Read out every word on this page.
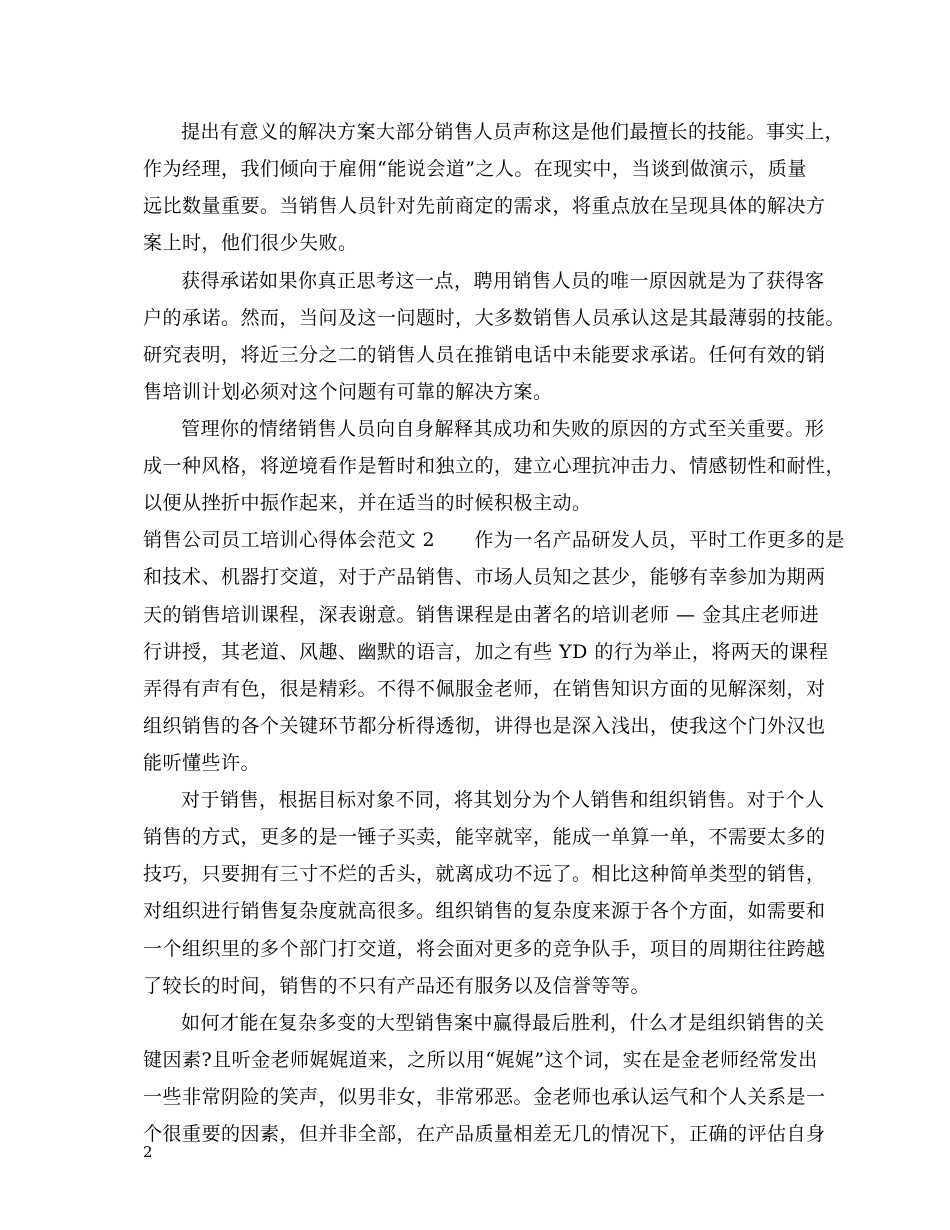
提出有意义的解决方案大部分销售人员声称这是他们最擅长的技能。事实上，
作为经理，我们倾向于雇佣“能说会道”之人。在现实中，当谈到做演示，质量
远比数量重要。当销售人员针对先前商定的需求，将重点放在呈现具体的解决方
案上时，他们很少失败。
获得承诺如果你真正思考这一点，聘用销售人员的唯一原因就是为了获得客
户的承诺。然而，当问及这一问题时，大多数销售人员承认这是其最薄弱的技能。
研究表明，将近三分之二的销售人员在推销电话中未能要求承诺。任何有效的销
售培训计划必须对这个问题有可靠的解决方案。
管理你的情绪销售人员向自身解释其成功和失败的原因的方式至关重要。形
成一种风格，将逆境看作是暂时和独立的，建立心理抗冲击力、情感韧性和耐性，
以便从挫折中振作起来，并在适当的时候积极主动。
销售公司员工培训心得体会范文 2      作为一名产品研发人员，平时工作更多的是
和技术、机器打交道，对于产品销售、市场人员知之甚少，能够有幸参加为期两
天的销售培训课程，深表谢意。销售课程是由著名的培训老师 — 金其庄老师进
行讲授，其老道、风趣、幽默的语言，加之有些 YD 的行为举止，将两天的课程
弄得有声有色，很是精彩。不得不佩服金老师，在销售知识方面的见解深刻，对
组织销售的各个关键环节都分析得透彻，讲得也是深入浅出，使我这个门外汉也
能听懂些许。
对于销售，根据目标对象不同，将其划分为个人销售和组织销售。对于个人
销售的方式，更多的是一锤子买卖，能宰就宰，能成一单算一单，不需要太多的
技巧，只要拥有三寸不烂的舌头，就离成功不远了。相比这种简单类型的销售，
对组织进行销售复杂度就高很多。组织销售的复杂度来源于各个方面，如需要和
一个组织里的多个部门打交道，将会面对更多的竞争队手，项目的周期往往跨越
了较长的时间，销售的不只有产品还有服务以及信誉等等。
如何才能在复杂多变的大型销售案中赢得最后胜利，什么才是组织销售的关
键因素?且听金老师娓娓道来，之所以用“娓娓”这个词，实在是金老师经常发出
一些非常阴险的笑声，似男非女，非常邪恶。金老师也承认运气和个人关系是一
个很重要的因素，但并非全部，在产品质量相差无几的情况下，正确的评估自身
2
